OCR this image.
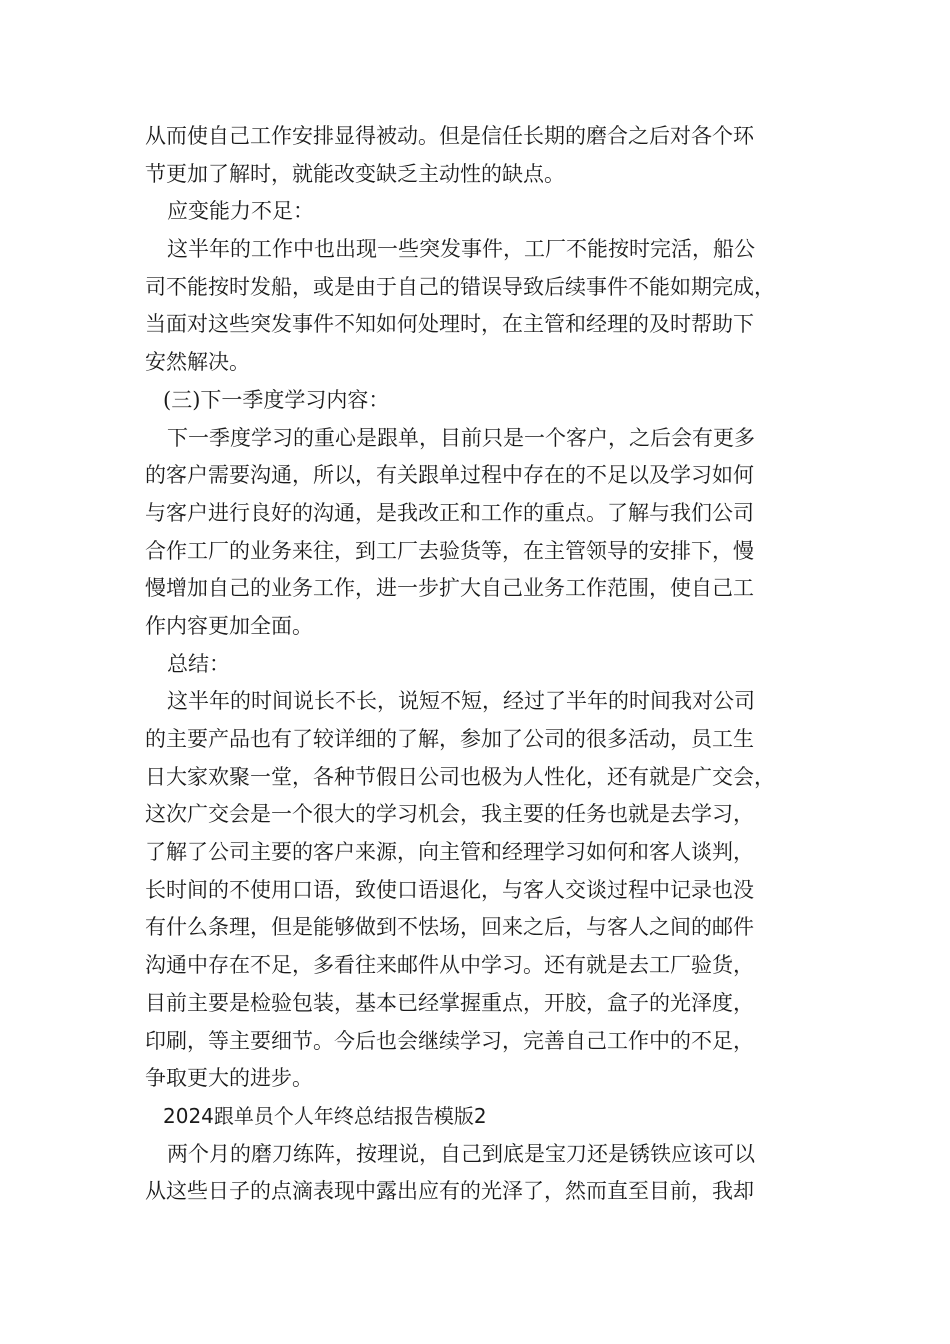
从而使自己工作安排显得被动。但是信任长期的磨合之后对各个环
节更加了解时，就能改变缺乏主动性的缺点。
应变能力不足：
这半年的工作中也出现一些突发事件，工厂不能按时完活，船公
司不能按时发船，或是由于自己的错误导致后续事件不能如期完成，
当面对这些突发事件不知如何处理时，在主管和经理的及时帮助下
安然解决。
(三)下一季度学习内容：
下一季度学习的重心是跟单，目前只是一个客户，之后会有更多
的客户需要沟通，所以，有关跟单过程中存在的不足以及学习如何
与客户进行良好的沟通，是我改正和工作的重点。了解与我们公司
合作工厂的业务来往，到工厂去验货等，在主管领导的安排下，慢
慢增加自己的业务工作，进一步扩大自己业务工作范围，使自己工
作内容更加全面。
总结：
这半年的时间说长不长，说短不短，经过了半年的时间我对公司
的主要产品也有了较详细的了解，参加了公司的很多活动，员工生
日大家欢聚一堂，各种节假日公司也极为人性化，还有就是广交会，
这次广交会是一个很大的学习机会，我主要的任务也就是去学习，
了解了公司主要的客户来源，向主管和经理学习如何和客人谈判，
长时间的不使用口语，致使口语退化，与客人交谈过程中记录也没
有什么条理，但是能够做到不怯场，回来之后，与客人之间的邮件
沟通中存在不足，多看往来邮件从中学习。还有就是去工厂验货，
目前主要是检验包装，基本已经掌握重点，开胶，盒子的光泽度，
印刷，等主要细节。今后也会继续学习，完善自己工作中的不足，
争取更大的进步。
2024跟单员个人年终总结报告模版2
两个月的磨刀练阵，按理说，自己到底是宝刀还是锈铁应该可以
从这些日子的点滴表现中露出应有的光泽了，然而直至目前，我却
